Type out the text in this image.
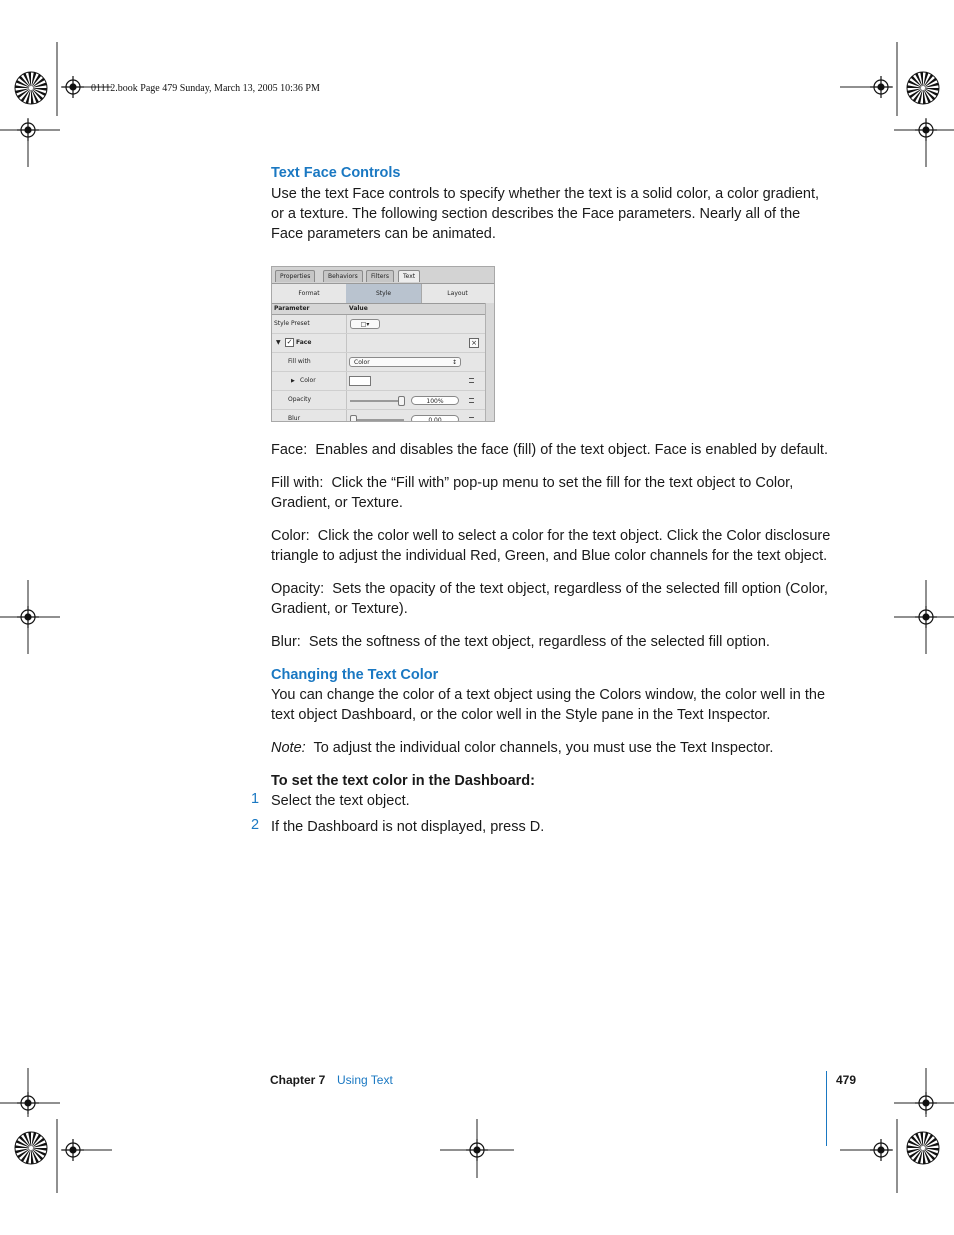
01112.book Page 479 Sunday, March 13, 2005 10:36 PM
Text Face Controls

Use the text Face controls to specify whether the text is a solid color, a color gradient, or a texture. The following section describes the Face parameters. Nearly all of the Face parameters can be animated.

Properties	Behaviors	Filters	Text
Format	Style	Layout
Parameter	Value
Style Preset	□▾
▼ ✓ Face	×
Fill with	Color	↕
▶ Color
Opacity	100%
Blur	0.00

Face: Enables and disables the face (fill) of the text object. Face is enabled by default.

Fill with: Click the “Fill with” pop-up menu to set the fill for the text object to Color, Gradient, or Texture.

Color: Click the color well to select a color for the text object. Click the Color disclosure triangle to adjust the individual Red, Green, and Blue color channels for the text object.

Opacity: Sets the opacity of the text object, regardless of the selected fill option (Color, Gradient, or Texture).

Blur: Sets the softness of the text object, regardless of the selected fill option.

Changing the Text Color

You can change the color of a text object using the Colors window, the color well in the text object Dashboard, or the color well in the Style pane in the Text Inspector.

Note: To adjust the individual color channels, you must use the Text Inspector.

To set the text color in the Dashboard:
1 Select the text object.
2 If the Dashboard is not displayed, press D.
Chapter 7 Using Text	479
